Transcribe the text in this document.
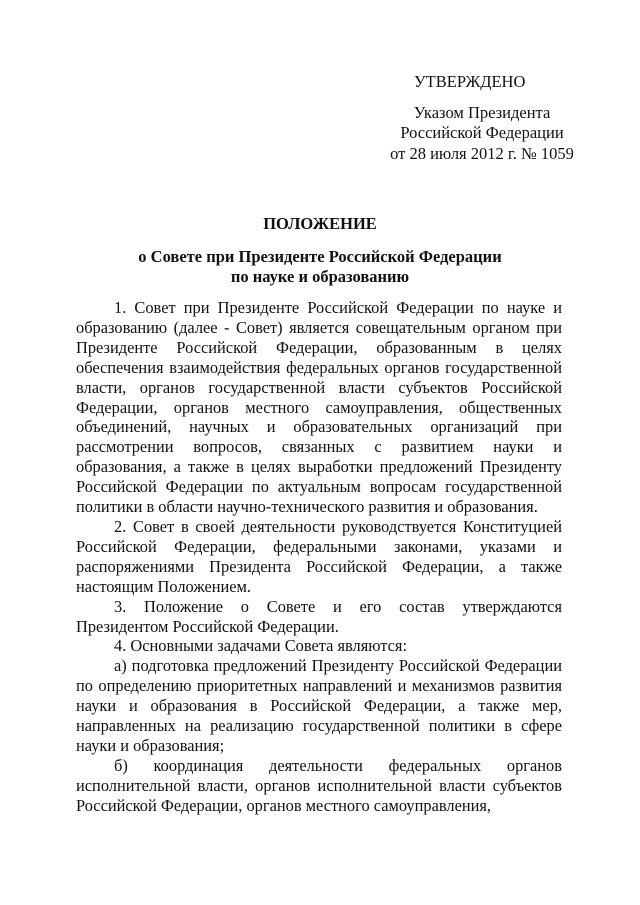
УТВЕРЖДЕНО
Указом Президента
Российской Федерации
от 28 июля 2012 г. № 1059
ПОЛОЖЕНИЕ
о Совете при Президенте Российской Федерации
по науке и образованию

1. Совет при Президенте Российской Федерации по науке и образованию (далее - Совет) является совещательным органом при Президенте Российской Федерации, образованным в целях обеспечения взаимодействия федеральных органов государственной власти, органов государственной власти субъектов Российской Федерации, органов местного самоуправления, общественных объединений, научных и образовательных организаций при рассмотрении вопросов, связанных с развитием науки и образования, а также в целях выработки предложений Президенту Российской Федерации по актуальным вопросам государственной политики в области научно-технического развития и образования.

2. Совет в своей деятельности руководствуется Конституцией Российской Федерации, федеральными законами, указами и распоряжениями Президента Российской Федерации, а также настоящим Положением.

3. Положение о Совете и его состав утверждаются Президентом Российской Федерации.

4. Основными задачами Совета являются:

а) подготовка предложений Президенту Российской Федерации по определению приоритетных направлений и механизмов развития науки и образования в Российской Федерации, а также мер, направленных на реализацию государственной политики в сфере науки и образования;

б) координация деятельности федеральных органов исполнительной власти, органов исполнительной власти субъектов Российской Федерации, органов местного самоуправления,
